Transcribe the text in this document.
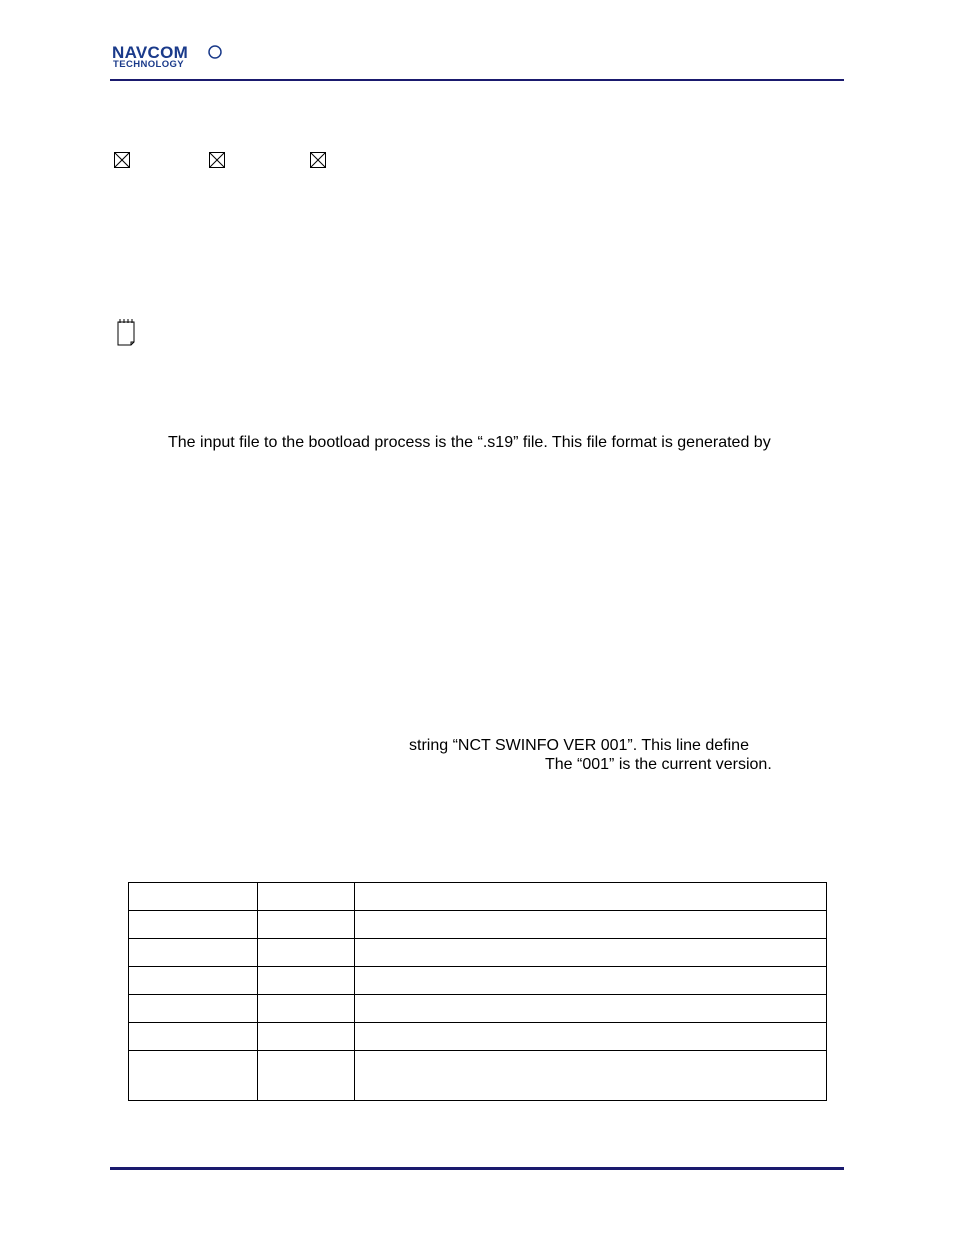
NAVCOM
TECHNOLOGY
The input file to the bootload process is the “.s19” file. This file format is generated by
string “NCT SWINFO VER 001”. This line define
The “001” is the current version.
